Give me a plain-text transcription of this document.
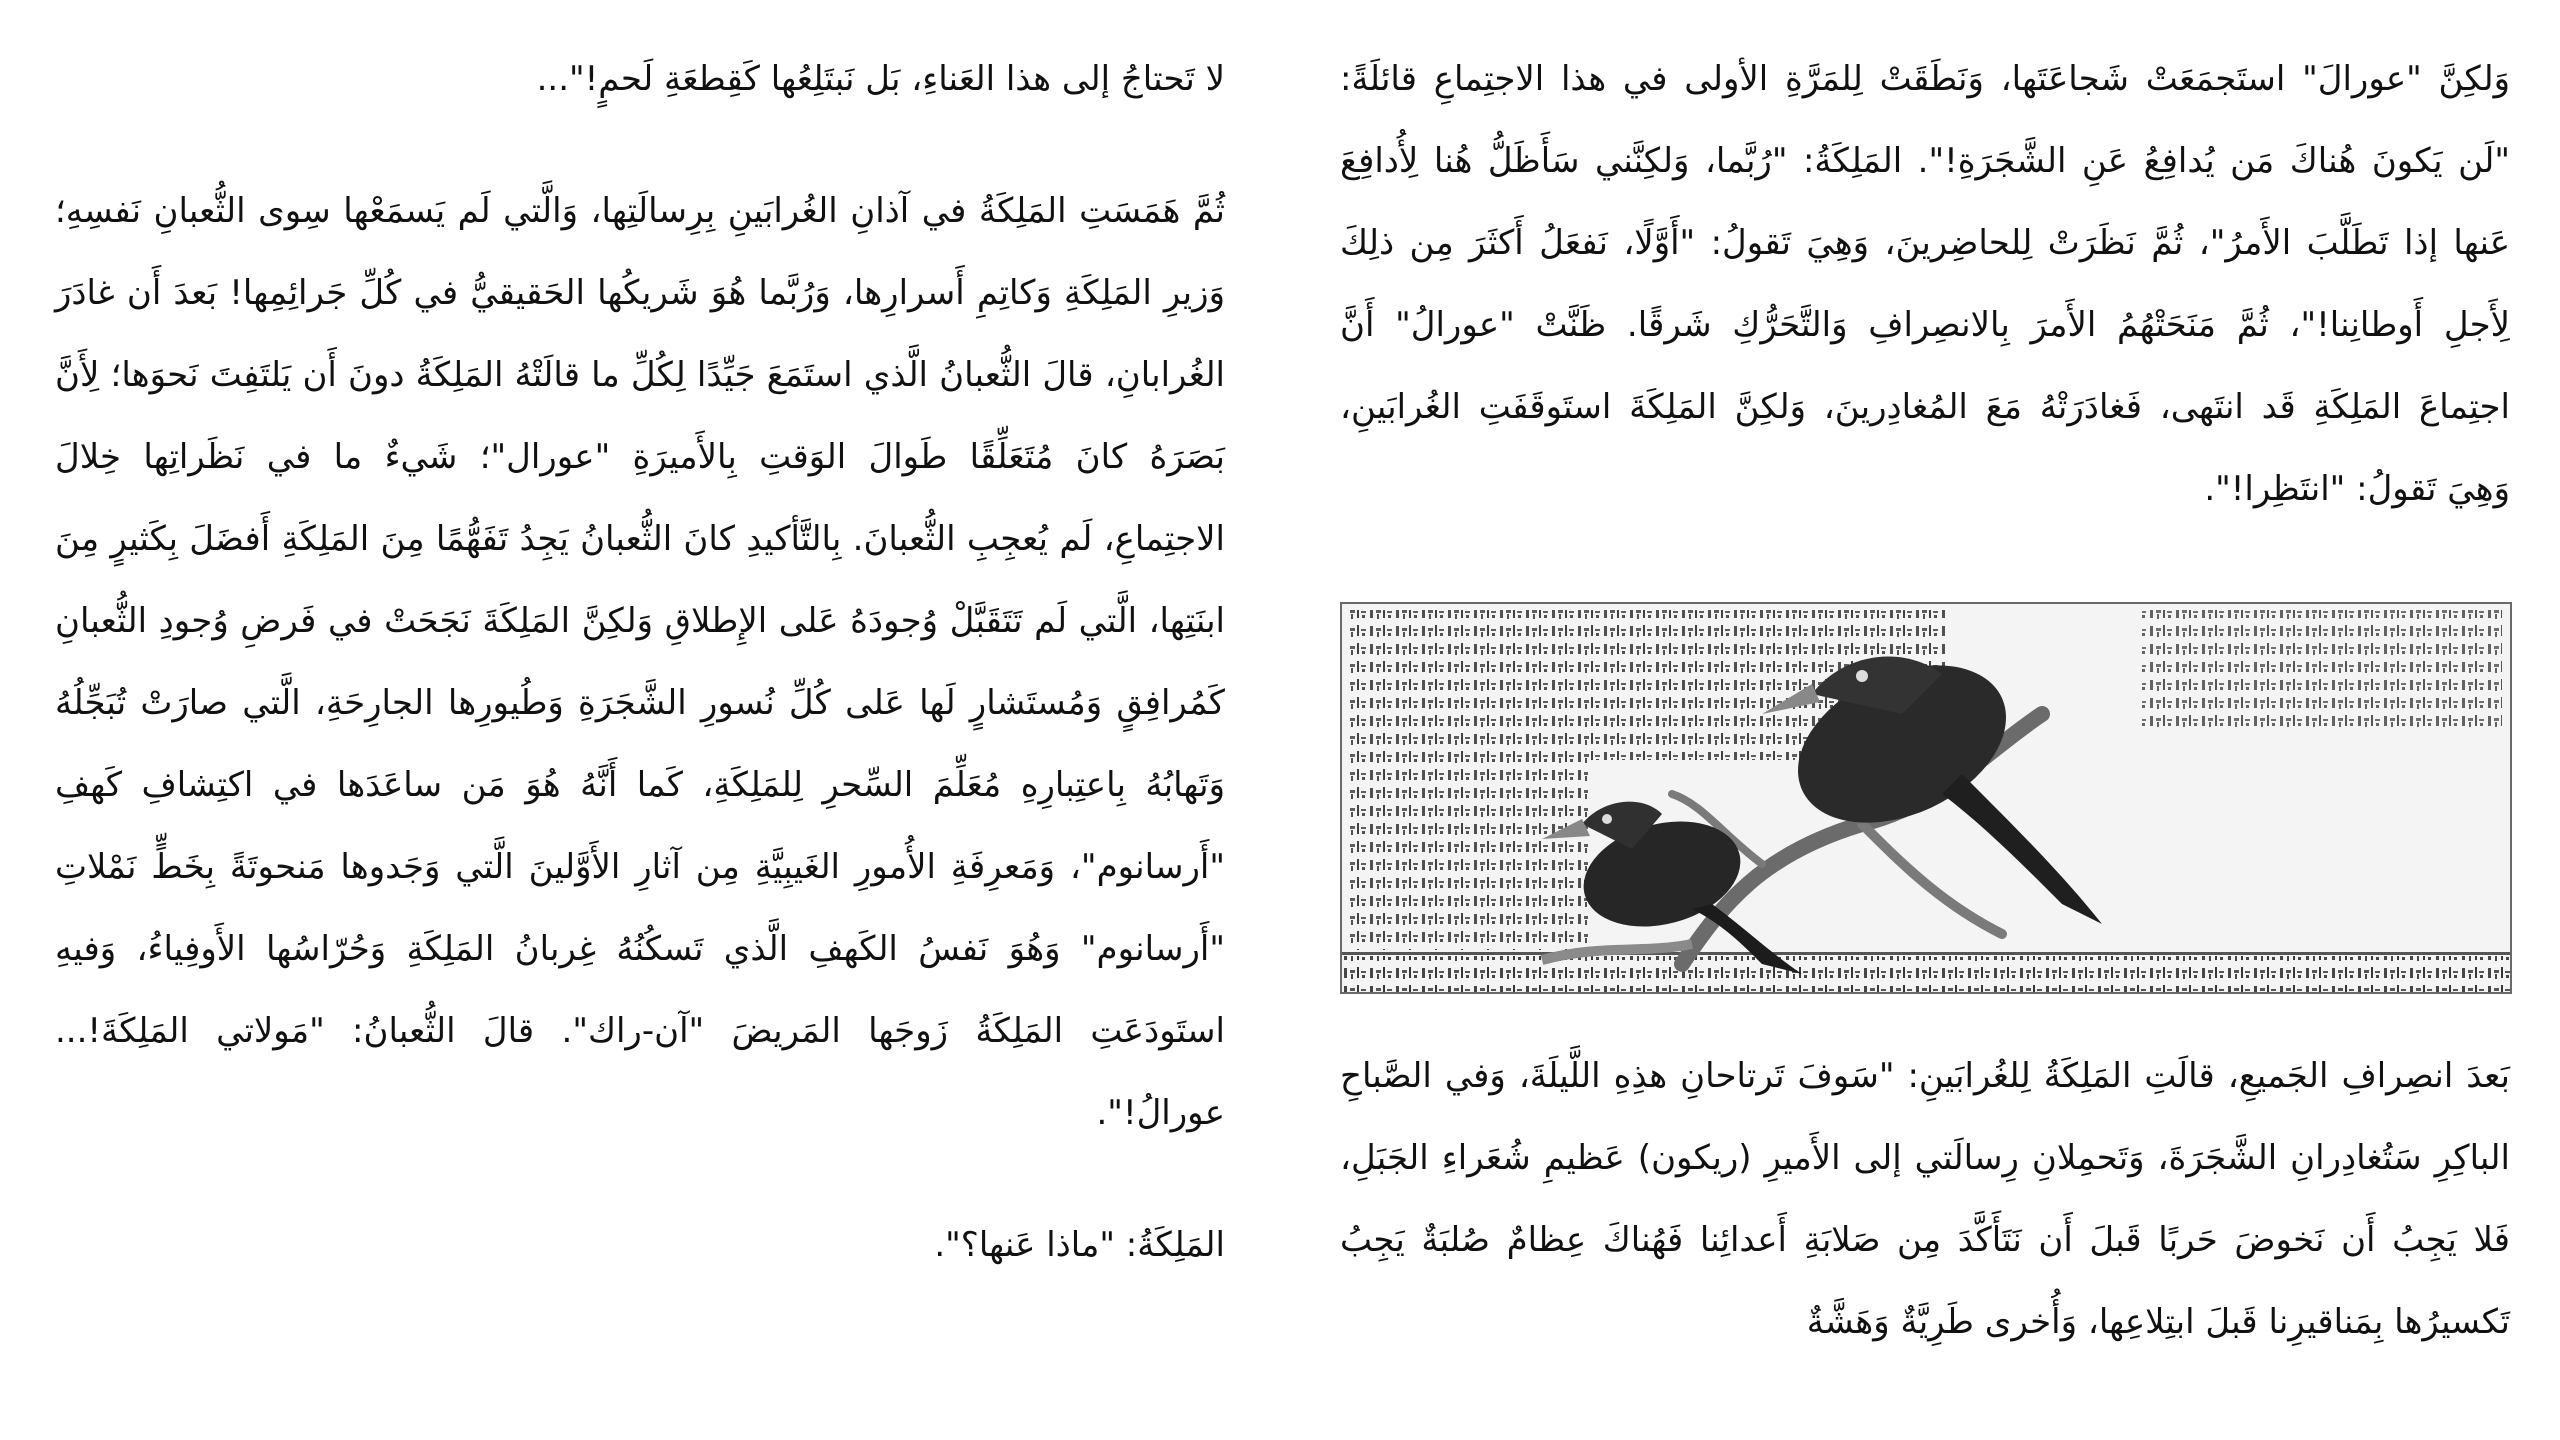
وَلكِنَّ "عورالَ" استَجمَعَتْ شَجاعَتَها، وَنَطَقَتْ لِلمَرَّةِ الأولى في هذا الاجتِماعِ قائلَةً: "لَن يَكونَ هُناكَ مَن يُدافِعُ عَنِ الشَّجَرَةِ!". المَلِكَةُ: "رُبَّما، وَلكِنَّني سَأَظَلُّ هُنا لِأُدافِعَ عَنها إذا تَطَلَّبَ الأَمرُ"، ثُمَّ نَظَرَتْ لِلحاضِرينَ، وَهِيَ تَقولُ: "أَوَّلًا، نَفعَلُ أَكثَرَ مِن ذلِكَ لِأَجلِ أَوطانِنا!"، ثُمَّ مَنَحَتْهُمُ الأَمرَ بِالانصِرافِ وَالتَّحَرُّكِ شَرقًا. ظَنَّتْ "عورالُ" أَنَّ اجتِماعَ المَلِكَةِ قَد انتَهى، فَغادَرَتْهُ مَعَ المُغادِرينَ، وَلكِنَّ المَلِكَةَ استَوقَفَتِ الغُرابَينِ، وَهِيَ تَقولُ: "انتَظِرا!".

بَعدَ انصِرافِ الجَميعِ، قالَتِ المَلِكَةُ لِلغُرابَينِ: "سَوفَ تَرتاحانِ هذِهِ اللَّيلَةَ، وَفي الصَّباحِ الباكِرِ سَتُغادِرانِ الشَّجَرَةَ، وَتَحمِلانِ رِسالَتي إلى الأَميرِ (ريكون) عَظيمِ شُعَراءِ الجَبَلِ، فَلا يَجِبُ أَن نَخوضَ حَربًا قَبلَ أَن نَتَأَكَّدَ مِن صَلابَةِ أَعدائِنا فَهُناكَ عِظامٌ صُلبَةٌ يَجِبُ تَكسيرُها بِمَناقيرِنا قَبلَ ابتِلاعِها، وَأُخرى طَرِيَّةٌ وَهَشَّةٌ

لا تَحتاجُ إلى هذا العَناءِ، بَل نَبتَلِعُها كَقِطعَةِ لَحمٍ!"...

ثُمَّ هَمَسَتِ المَلِكَةُ في آذانِ الغُرابَينِ بِرِسالَتِها، وَالَّتي لَم يَسمَعْها سِوى الثُّعبانِ نَفسِهِ؛ وَزيرِ المَلِكَةِ وَكاتِمِ أَسرارِها، وَرُبَّما هُوَ شَريكُها الحَقيقيُّ في كُلِّ جَرائِمِها! بَعدَ أَن غادَرَ الغُرابانِ، قالَ الثُّعبانُ الَّذي استَمَعَ جَيِّدًا لِكُلِّ ما قالَتْهُ المَلِكَةُ دونَ أَن يَلتَفِتَ نَحوَها؛ لِأَنَّ بَصَرَهُ كانَ مُتَعَلِّقًا طَوالَ الوَقتِ بِالأَميرَةِ "عورال"؛ شَيءٌ ما في نَظَراتِها خِلالَ الاجتِماعِ، لَم يُعجِبِ الثُّعبانَ. بِالتَّأكيدِ كانَ الثُّعبانُ يَجِدُ تَفَهُّمًا مِنَ المَلِكَةِ أَفضَلَ بِكَثيرٍ مِنَ ابنَتِها، الَّتي لَم تَتَقَبَّلْ وُجودَهُ عَلى الإِطلاقِ وَلكِنَّ المَلِكَةَ نَجَحَتْ في فَرضِ وُجودِ الثُّعبانِ كَمُرافِقٍ وَمُستَشارٍ لَها عَلى كُلِّ نُسورِ الشَّجَرَةِ وَطُيورِها الجارِحَةِ، الَّتي صارَتْ تُبَجِّلُهُ وَتَهابُهُ بِاعتِبارِهِ مُعَلِّمَ السِّحرِ لِلمَلِكَةِ، كَما أَنَّهُ هُوَ مَن ساعَدَها في اكتِشافِ كَهفِ "أَرسانوم"، وَمَعرِفَةِ الأُمورِ الغَيبِيَّةِ مِن آثارِ الأَوَّلينَ الَّتي وَجَدوها مَنحوتَةً بِخَطٍّ نَمْلاتِ "أَرسانوم" وَهُوَ نَفسُ الكَهفِ الَّذي تَسكُنُهُ غِربانُ المَلِكَةِ وَحُرّاسُها الأَوفِياءُ، وَفيهِ استَودَعَتِ المَلِكَةُ زَوجَها المَريضَ "آن-راك". قالَ الثُّعبانُ: "مَولاتي المَلِكَةَ!... عورالُ!".

المَلِكَةُ: "ماذا عَنها؟".
